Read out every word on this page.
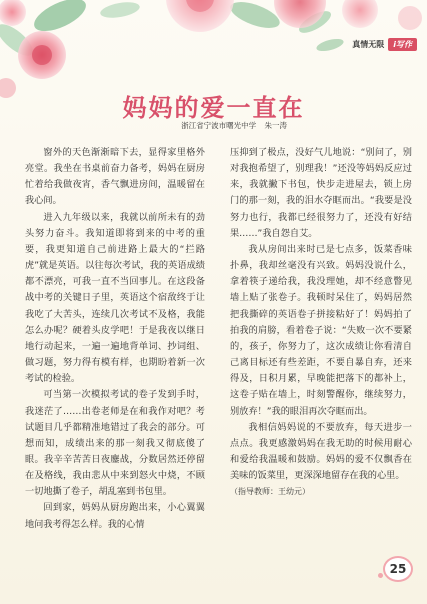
真情无限	i写作
妈妈的爱一直在
浙江省宁波市曙光中学 朱一涛

窗外的天色渐渐暗下去，显得家里格外亮堂。我坐在书桌前奋力备考，妈妈在厨房忙着给我做夜宵，香气飘进房间，温暖留在我心间。

进入九年级以来，我就以前所未有的劲头努力奋斗。我知道即将到来的中考的重要，我更知道自己前进路上最大的“拦路虎”就是英语。以往每次考试，我的英语成绩都不漂亮，可我一直不当回事儿。在这段备战中考的关键日子里，英语这个宿敌终于让我吃了大苦头，连续几次考试不及格，我能怎么办呢？硬着头皮学吧！于是我夜以继日地行动起来，一遍一遍地背单词、抄词组、做习题，努力得有模有样，也期盼着新一次考试的检验。

可当第一次模拟考试的卷子发到手时，我迷茫了……出卷老师是在和我作对吧？考试题目几乎都精准地错过了我会的部分。可想而知，成绩出来的那一刻我又彻底傻了眼。我辛辛苦苦日夜鏖战，分数居然还停留在及格线，我由悲从中来到怒火中烧，不顾一切地撕了卷子，胡乱塞到书包里。

回到家，妈妈从厨房跑出来，小心翼翼地问我考得怎么样。我的心情

压抑到了极点，没好气儿地说：“别问了，别对我抱希望了，别理我！”还没等妈妈反应过来，我就撇下书包，快步走进屋去，锁上房门的那一刻，我的泪水夺眶而出。“我要是没努力也行，我都已经很努力了，还没有好结果……”我自怨自艾。

我从房间出来时已是七点多，饭菜香味扑鼻，我却丝毫没有兴致。妈妈没说什么，拿着筷子递给我，我没理她，却不经意瞥见墙上贴了张卷子。我顿时呆住了，妈妈居然把我撕碎的英语卷子拼接粘好了！妈妈拍了拍我的肩膀，看着卷子说：“失败一次不要紧的，孩子，你努力了，这次成绩让你看清自己离目标还有些差距，不要自暴自弃，还来得及，日积月累，早晚能把落下的都补上，这卷子贴在墙上，时刻警醒你，继续努力，别放弃！”我的眼泪再次夺眶而出。

我相信妈妈说的不要放弃，每天进步一点点。我更感激妈妈在我无助的时候用耐心和爱给我温暖和鼓励。妈妈的爱不仅飘香在美味的饭菜里，更深深地留存在我的心里。

（指导教师：王幼元）

25
